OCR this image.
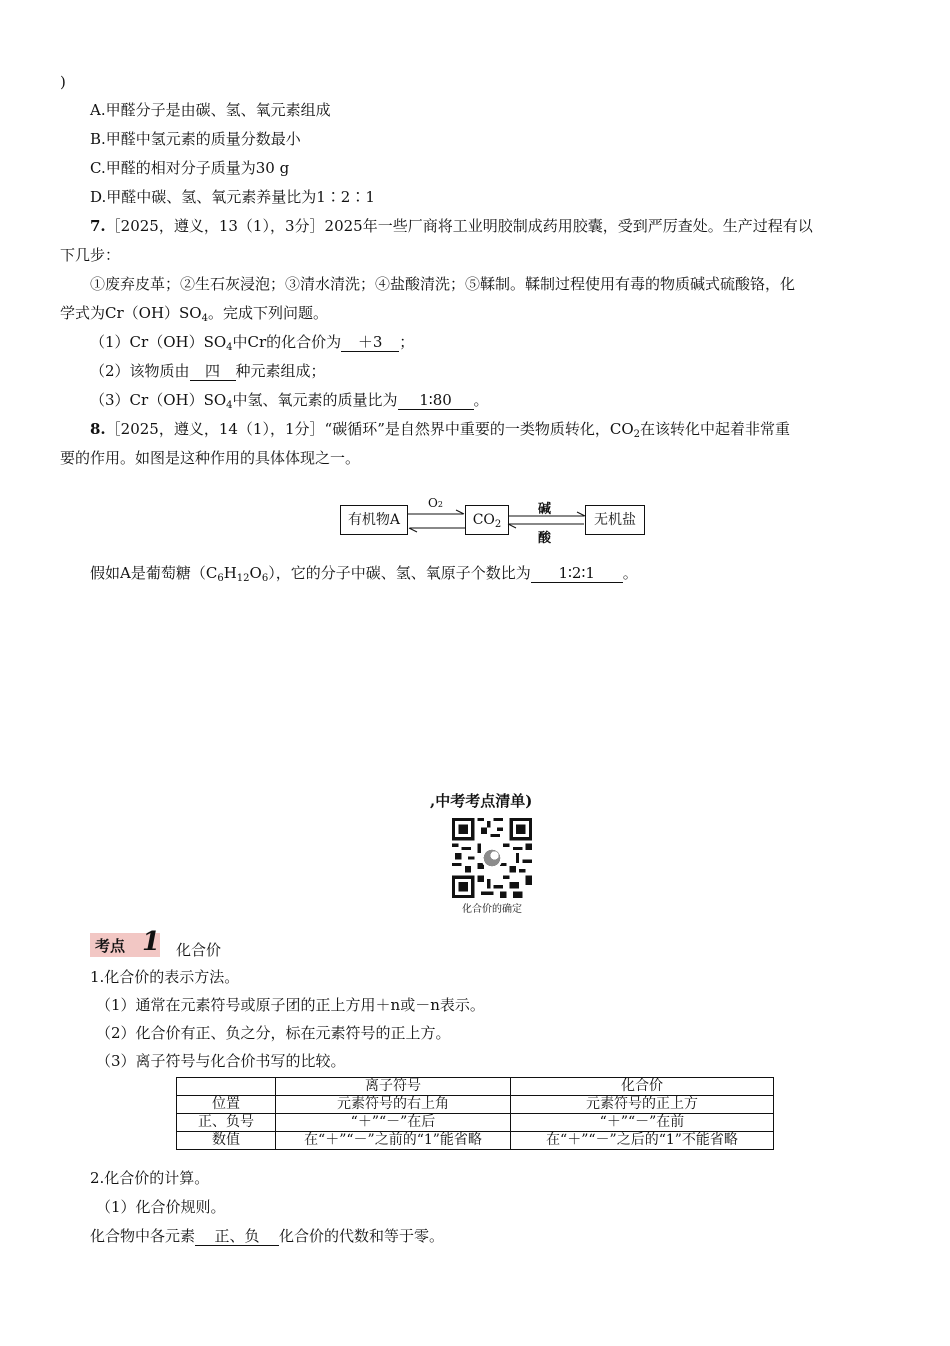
)
A.甲醛分子是由碳、氢、氧元素组成
B.甲醛中氢元素的质量分数最小
C.甲醛的相对分子质量为30 g
D.甲醛中碳、氢、氧元素养量比为1∶2∶1
7.［2025，遵义，13（1），3分］2025年一些厂商将工业明胶制成药用胶囊，受到严厉查处。生产过程有以
下几步：
①废弃皮革；②生石灰浸泡；③清水清洗；④盐酸清洗；⑤鞣制。鞣制过程使用有毒的物质碱式硫酸铬，化
学式为$Cr(OH)SO_4$。完成下列问题。
$(1)Cr(OH)SO_4$中Cr的化合价为 ＋3 ；
（2）该物质由 四 种元素组成；
$(3)Cr(OH)SO_4$中氢、氧元素的质量比为 1∶80 。
8.［2025，遵义，14（1），1分］“碳循环”是自然界中重要的一类物质转化，$CO_2$在该转化中起着非常重
要的作用。如图是这种作用的具体体现之一。
有机物A	$CO_2$	无机盐
O2	碱
酸
假如A是葡萄糖$(C_6H_{12}O_6)$，它的分子中碳、氢、氧原子个数比为 1∶2∶1 。
,中考考点清单)
化合价的确定
考点 1 化合价
1.化合价的表示方法。
（1）通常在元素符号或原子团的正上方用＋n或－n表示。
（2）化合价有正、负之分，标在元素符号的正上方。
（3）离子符号与化合价书写的比较。
	离子符号	化合价
位置	元素符号的右上角	元素符号的正上方
正、负号	“＋”“－”在后	“＋”“－”在前
数值	在“＋”“－”之前的“1”能省略	在“＋”“－”之后的“1”不能省略
2.化合价的计算。
（1）化合价规则。
化合物中各元素 正、负 化合价的代数和等于零。
